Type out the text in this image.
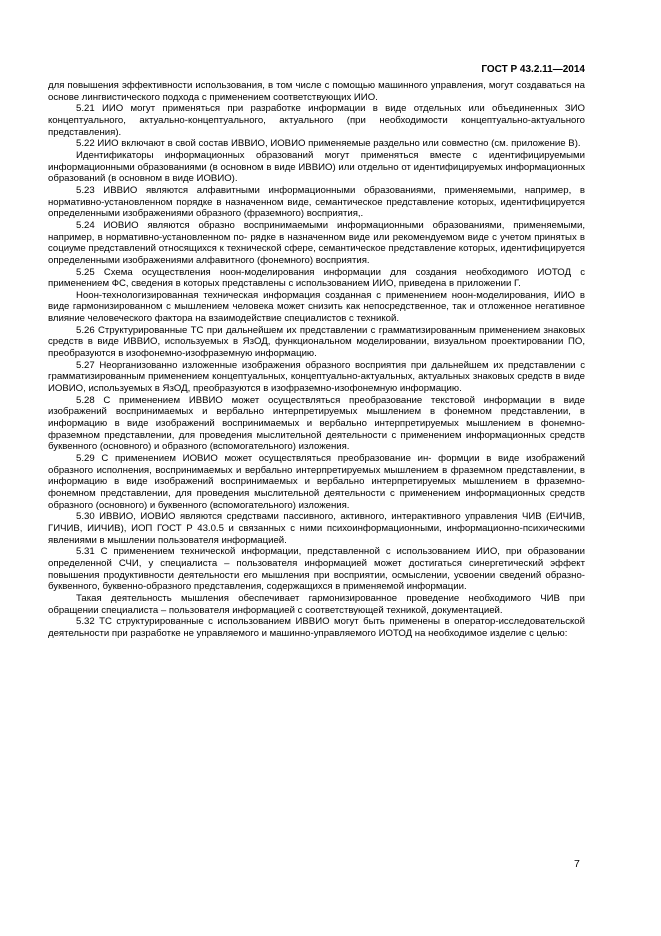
ГОСТ Р 43.2.11—2014

для повышения эффективности использования, в том числе с помощью машинного управления, могут создаваться на основе лингвистического подхода с применением соответствующих ИИО.

5.21 ИИО могут применяться при разработке информации в виде отдельных или объединенных ЗИО концептуального, актуально-концептуального, актуального (при необходимости концептуально-актуального представления).

5.22 ИИО включают в свой состав ИВВИО, ИОВИО применяемые раздельно или совместно (см. приложение В).

Идентификаторы информационных образований могут применяться вместе с идентифицируемыми информационными образованиями (в основном в виде ИВВИО) или отдельно от идентифицируемых информационных образований (в основном в виде ИОВИО).

5.23 ИВВИО являются алфавитными информационными образованиями, применяемыми, например, в нормативно-установленном порядке в назначенном виде, семантическое представление которых, идентифицируется определенными изображениями образного (фраземного) восприятия,.

5.24 ИОВИО являются образно воспринимаемыми информационными образованиями, применяемыми, например, в нормативно-установленном по- рядке в назначенном виде или рекомендуемом виде с учетом принятых в социуме представлений относящихся к технической сфере, семантическое представление которых, идентифицируется определенными изображениями алфавитного (фонемного) восприятия.

5.25 Схема осуществления ноон-моделирования информации для создания необходимого ИОТОД с применением ФС, сведения в которых представлены с использованием ИИО, приведена в приложении Г.

Ноон-технологизированная техническая информация созданная с применением ноон-моделирования, ИИО в виде гармонизированном с мышлением человека может снизить как непосредственное, так и отложенное негативное влияние человеческого фактора на взаимодействие специалистов с техникой.

5.26 Структурированные ТС при дальнейшем их представлении с грамматизированным применением знаковых средств в виде ИВВИО, используемых в ЯзОД, функциональном моделировании, визуальном проектировании ПО, преобразуются в изофонемно-изофраземную информацию.

5.27 Неорганизованно изложенные изображения образного восприятия при дальнейшем их представлении с грамматизированным применением концептуальных, концептуально-актуальных, актуальных знаковых средств в виде ИОВИО, используемых в ЯзОД, преобразуются в изофраземно-изофонемную информацию.

5.28 С применением ИВВИО может осуществляться преобразование текстовой информации в виде изображений воспринимаемых и вербально интерпретируемых мышлением в фонемном представлении, в информацию в виде изображений воспринимаемых и вербально интерпретируемых мышлением в фонемно-фраземном представлении, для проведения мыслительной деятельности с применением информационных средств буквенного (основного) и образного (вспомогательного) изложения.

5.29 С применением ИОВИО может осуществляться преобразование ин- формции в виде изображений образного исполнения, воспринимаемых и вербально интерпретируемых мышлением в фраземном представлении, в информацию в виде изображений воспринимаемых и вербально интерпретируемых мышлением в фраземно-фонемном представлении, для проведения мыслительной деятельности с применением информационных средств образного (основного) и буквенного (вспомогательного) изложения.

5.30 ИВВИО, ИОВИО являются средствами пассивного, активного, интерактивного управления ЧИВ (ЕИЧИВ, ГИЧИВ, ИИЧИВ), ИОП ГОСТ Р 43.0.5 и связанных с ними психоинформационными, информационно-психическими явлениями в мышлении пользователя информацией.

5.31 С применением технической информации, представленной с использованием ИИО, при образовании определенной СЧИ, у специалиста – пользователя информацией может достигаться синергетический эффект повышения продуктивности деятельности его мышления при восприятии, осмыслении, усвоении сведений образно-буквенного, буквенно-образного представления, содержащихся в применяемой информации.

Такая деятельность мышления обеспечивает гармонизированное проведение необходимого ЧИВ при обращении специалиста – пользователя информацией с соответствующей техникой, документацией.

5.32 ТС структурированные с использованием ИВВИО могут быть применены в оператор-исследовательской деятельности при разработке не управляемого и машинно-управляемого ИОТОД на необходимое изделие с целью:

7
